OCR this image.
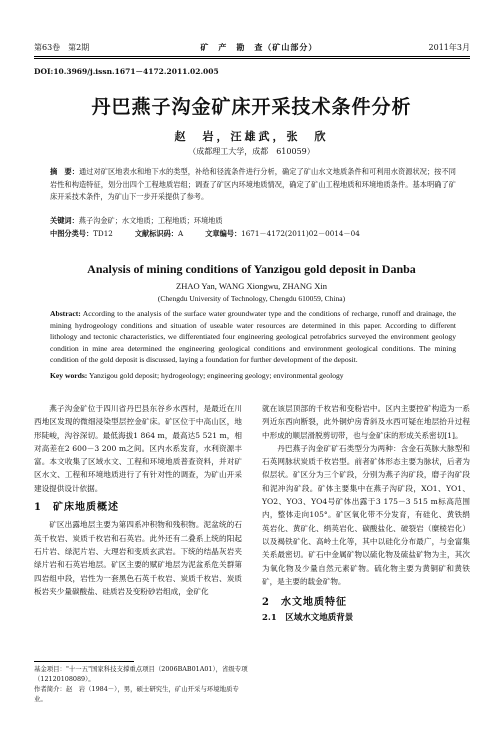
第63卷　第2期	矿　产　勘　查（矿山部分）	2011年3月
DOI:10.3969/j.issn.1671－4172.2011.02.005
丹巴燕子沟金矿床开采技术条件分析
赵　岩，汪雄武，张　欣
（成都理工大学，成都　610059）
摘　要：通过对矿区地表水和地下水的类型，补给和径流条件进行分析，确定了矿山水文地质条件和可利用水资源状况；按不同岩性和构造特征，划分出四个工程地质岩组；调查了矿区内环境地质情况，确定了矿山工程地质和环境地质条件。基本明确了矿床开采技术条件，为矿山下一步开采提供了参考。
关键词：燕子沟金矿；水文地质；工程地质；环境地质
中图分类号：TD12	文献标识码：A	文章编号：1671－4172(2011)02－0014－04
Analysis of mining conditions of Yanzigou gold deposit in Danba
ZHAO Yan, WANG Xiongwu, ZHANG Xin
(Chengdu University of Technology, Chengdu 610059, China)
Abstract: According to the analysis of the surface water groundwater type and the conditions of recharge, runoff and drainage, the mining hydrogeology conditions and situation of useable water resources are determined in this paper. According to different lithology and tectonic characteristics, we differentiated four engineering geological petrofabrics surveyed the environment geology condition in mine area determined the engineering geological conditions and environment geological conditions. The mining condition of the gold deposit is discussed, laying a foundation for further development of the deposit.
Key words: Yanzigou gold deposit; hydrogeology; engineering geology; environmental geology

燕子沟金矿位于四川省丹巴县东谷乡水西村，是最近在川西地区发现的微细浸染型层控金矿床。矿区位于中高山区，地形陡峻，沟谷深切。最低海拔1 864 m，最高达5 521 m，相对高差在2 600－3 200 m之间。区内水系发育，水利资源丰富。本文收集了区域水文、工程和环境地质普查资料，并对矿区水文、工程和环境地质进行了有针对性的调查，为矿山开采建设提供设计依据。

1　矿床地质概述

矿区出露地层主要为第四系冲积物和残积物。泥盆统的石英千枚岩、炭质千枚岩和石英岩。此外还有二叠系上统的阳起石片岩、绿泥片岩、大理岩和变质玄武岩。下统的结晶灰岩夹绿片岩和石英岩地层。矿区主要的赋矿地层为泥盆系危关群第四岩组中段，岩性为一套黑色石英千枚岩、炭质千枚岩、炭质板岩夹少量碳酸盐、硅质岩及变粉砂岩组成，金矿化

基金项目："十一五"国家科技支撑重点项目（2006BAB01A01），省级专项（12120108089）。
作者简介：赵　岩（1984－），男，硕士研究生，矿山开采与环境地质专业。

就在该层顶部的千枚岩和变粉岩中。区内主要控矿构造为一系列近东西向断裂，此外铜炉房背斜及水西可疑在地层抬升过程中形成的顺层滑脱剪切带，也与金矿床的形成关系密切[1]。

丹巴燕子沟金矿矿石类型分为两种：含金石英脉大脉型和石英网脉状炭质千枚岩型。前者矿体形态主要为脉状，后者为似层状。矿区分为三个矿段，分别为燕子沟矿段，磨子沟矿段和泥冲沟矿段。矿体主要集中在燕子沟矿段，XO1、YO1、YO2、YO3、YO4号矿体出露于3 175－3 515 m标高范围内，整体走向105°。矿区氧化带不分发育，有硅化、黄铁绢英岩化、黄矿化、绢英岩化、碳酸盐化、破裂岩（糜棱岩化）以及褐铁矿化、高岭土化等，其中以硅化分布最广，与金富集关系最密切。矿石中金属矿物以硫化物及硫盐矿物为主，其次为氧化物及少量自然元素矿物。硫化物主要为黄铜矿和黄铁矿，是主要的载金矿物。

2　水文地质特征
2.1　区域水文地质背景
